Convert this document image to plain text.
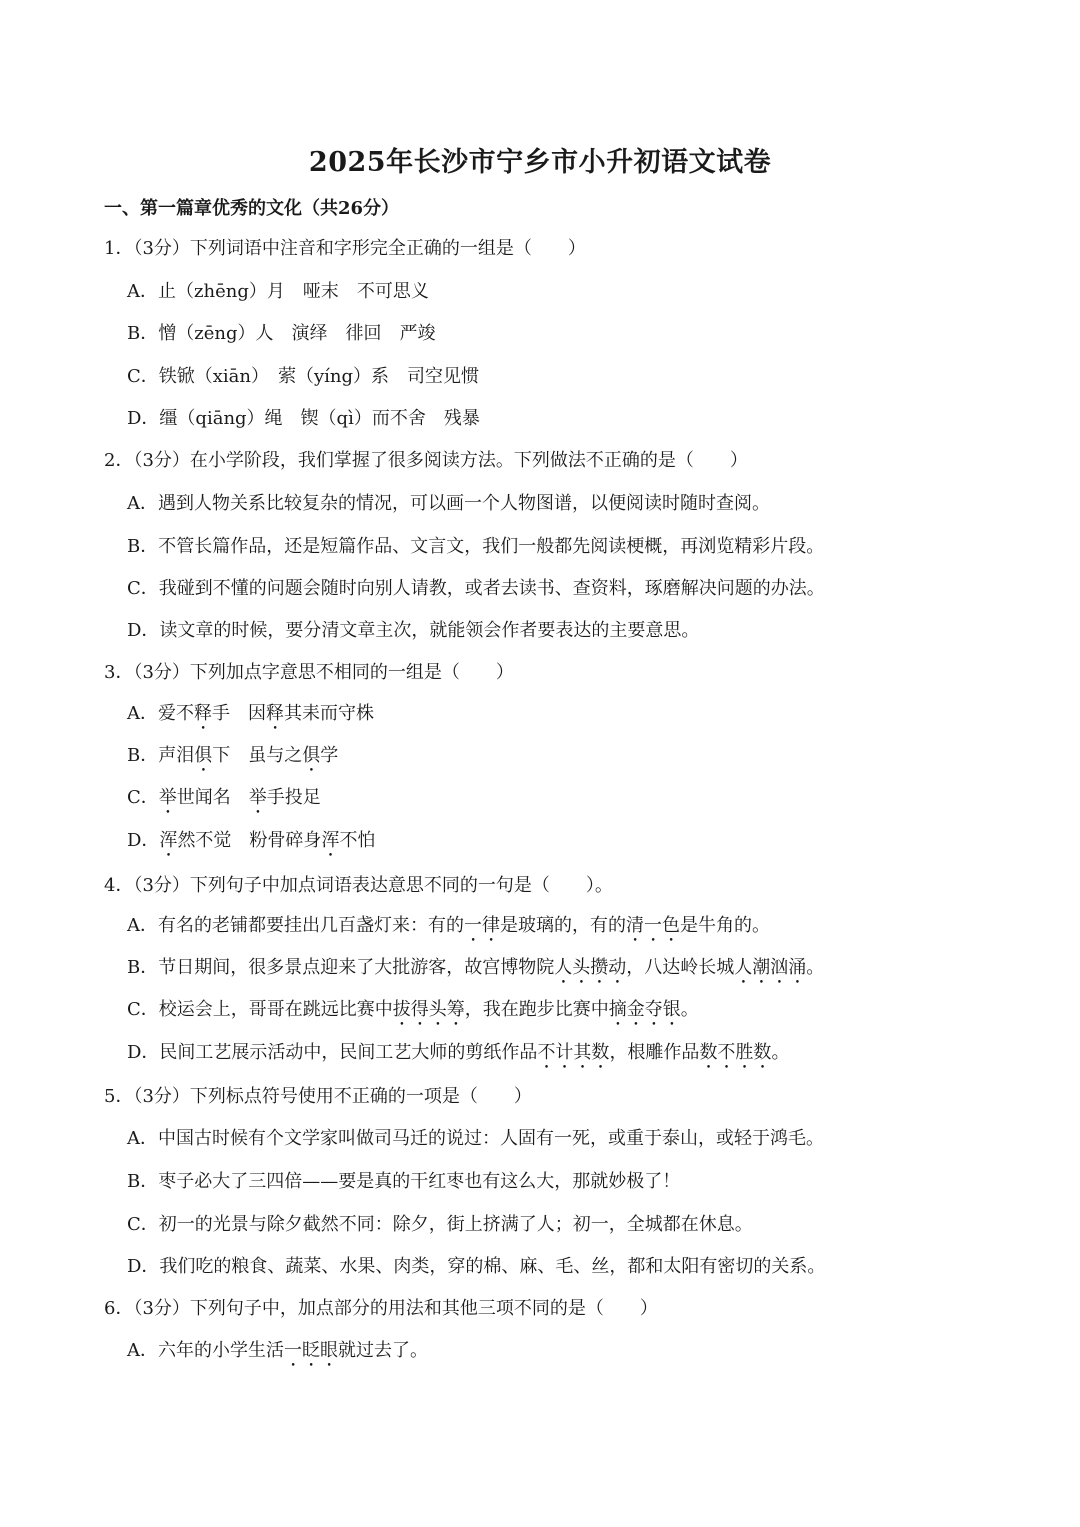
2025年长沙市宁乡市小升初语文试卷
一、第一篇章优秀的文化（共26分）
1．（3分）下列词语中注音和字形完全正确的一组是（　　）
A．止（zhēng）月　哑末　不可思义
B．憎（zēng）人　演绎　徘回　严竣
C．铁锨（xiān）　萦（yíng）系　司空见惯
D．缰（qiāng）绳　锲（qì）而不舍　残暴
2．（3分）在小学阶段，我们掌握了很多阅读方法。下列做法不正确的是（　　）
A．遇到人物关系比较复杂的情况，可以画一个人物图谱，以便阅读时随时查阅。
B．不管长篇作品，还是短篇作品、文言文，我们一般都先阅读梗概，再浏览精彩片段。
C．我碰到不懂的问题会随时向别人请教，或者去读书、查资料，琢磨解决问题的办法。
D．读文章的时候，要分清文章主次，就能领会作者要表达的主要意思。
3．（3分）下列加点字意思不相同的一组是（　　）
A．爱不释手　因释其耒而守株
B．声泪俱下　虽与之俱学
C．举世闻名　举手投足
D．浑然不觉　粉骨碎身浑不怕
4．（3分）下列句子中加点词语表达意思不同的一句是（　　）。
A．有名的老铺都要挂出几百盏灯来：有的一律是玻璃的，有的清一色是牛角的。
B．节日期间，很多景点迎来了大批游客，故宫博物院人头攒动，八达岭长城人潮汹涌。
C．校运会上，哥哥在跳远比赛中拔得头筹，我在跑步比赛中摘金夺银。
D．民间工艺展示活动中，民间工艺大师的剪纸作品不计其数，根雕作品数不胜数。
5．（3分）下列标点符号使用不正确的一项是（　　）
A．中国古时候有个文学家叫做司马迁的说过：人固有一死，或重于泰山，或轻于鸿毛。
B．枣子必大了三四倍——要是真的干红枣也有这么大，那就妙极了！
C．初一的光景与除夕截然不同：除夕，街上挤满了人；初一，全城都在休息。
D．我们吃的粮食、蔬菜、水果、肉类，穿的棉、麻、毛、丝，都和太阳有密切的关系。
6．（3分）下列句子中，加点部分的用法和其他三项不同的是（　　）
A．六年的小学生活一眨眼就过去了。
